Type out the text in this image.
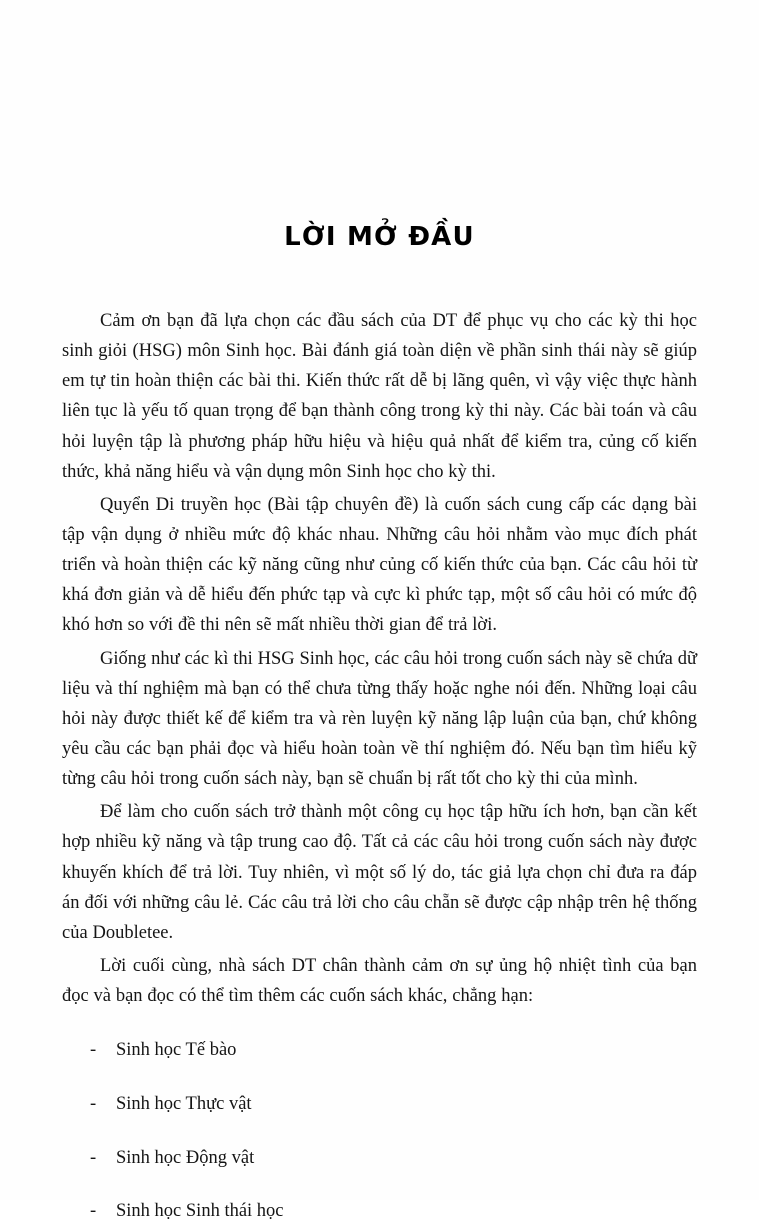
LỜI MỞ ĐẦU

Cảm ơn bạn đã lựa chọn các đầu sách của DT để phục vụ cho các kỳ thi học sinh giỏi (HSG) môn Sinh học. Bài đánh giá toàn diện về phần sinh thái này sẽ giúp em tự tin hoàn thiện các bài thi. Kiến thức rất dễ bị lãng quên, vì vậy việc thực hành liên tục là yếu tố quan trọng để bạn thành công trong kỳ thi này. Các bài toán và câu hỏi luyện tập là phương pháp hữu hiệu và hiệu quả nhất để kiểm tra, củng cố kiến thức, khả năng hiểu và vận dụng môn Sinh học cho kỳ thi.

Quyển Di truyền học (Bài tập chuyên đề) là cuốn sách cung cấp các dạng bài tập vận dụng ở nhiều mức độ khác nhau. Những câu hỏi nhằm vào mục đích phát triển và hoàn thiện các kỹ năng cũng như củng cố kiến thức của bạn. Các câu hỏi từ khá đơn giản và dễ hiểu đến phức tạp và cực kì phức tạp, một số câu hỏi có mức độ khó hơn so với đề thi nên sẽ mất nhiều thời gian để trả lời.

Giống như các kì thi HSG Sinh học, các câu hỏi trong cuốn sách này sẽ chứa dữ liệu và thí nghiệm mà bạn có thể chưa từng thấy hoặc nghe nói đến. Những loại câu hỏi này được thiết kế để kiểm tra và rèn luyện kỹ năng lập luận của bạn, chứ không yêu cầu các bạn phải đọc và hiểu hoàn toàn về thí nghiệm đó. Nếu bạn tìm hiểu kỹ từng câu hỏi trong cuốn sách này, bạn sẽ chuẩn bị rất tốt cho kỳ thi của mình.

Để làm cho cuốn sách trở thành một công cụ học tập hữu ích hơn, bạn cần kết hợp nhiều kỹ năng và tập trung cao độ. Tất cả các câu hỏi trong cuốn sách này được khuyến khích để trả lời. Tuy nhiên, vì một số lý do, tác giả lựa chọn chỉ đưa ra đáp án đối với những câu lẻ. Các câu trả lời cho câu chẵn sẽ được cập nhập trên hệ thống của Doubletee.

Lời cuối cùng, nhà sách DT chân thành cảm ơn sự ủng hộ nhiệt tình của bạn đọc và bạn đọc có thể tìm thêm các cuốn sách khác, chẳng hạn:

- Sinh học Tế bào
- Sinh học Thực vật
- Sinh học Động vật
- Sinh học Sinh thái học
